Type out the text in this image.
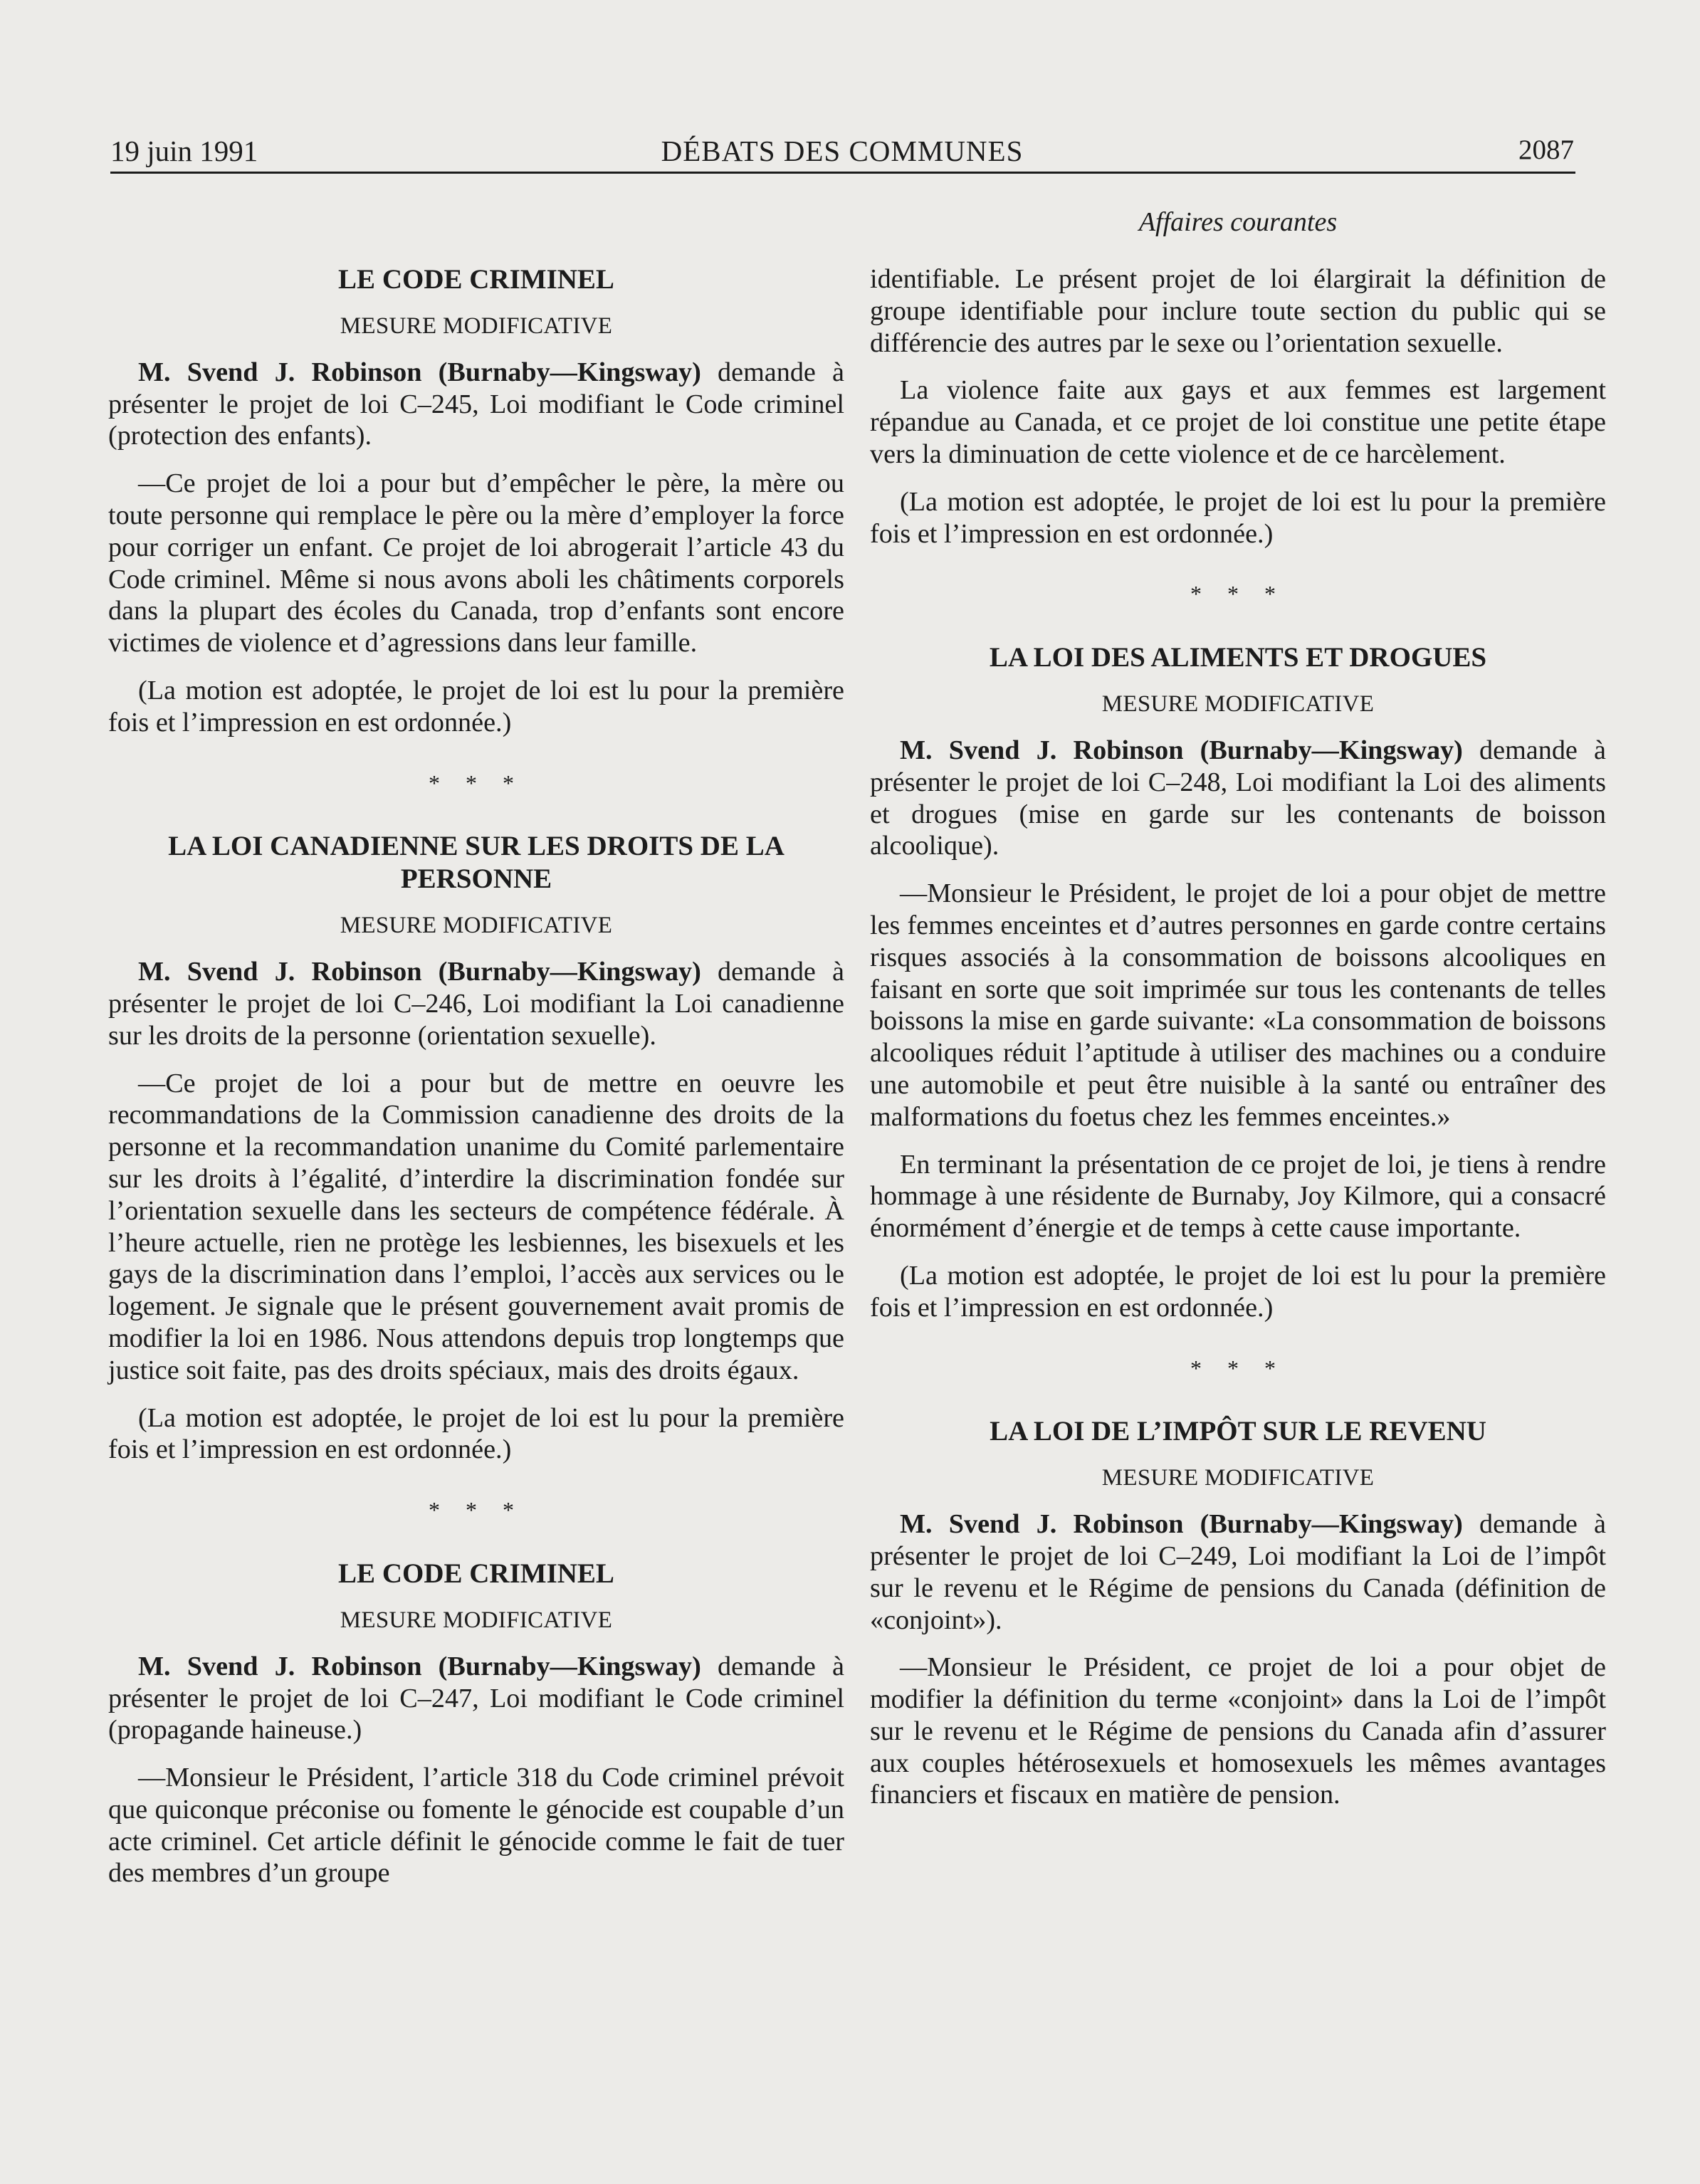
19 juin 1991	DÉBATS DES COMMUNES	2087
LE CODE CRIMINEL
MESURE MODIFICATIVE

M. Svend J. Robinson (Burnaby—Kingsway) demande à présenter le projet de loi C–245, Loi modifiant le Code criminel (protection des enfants).

—Ce projet de loi a pour but d’empêcher le père, la mère ou toute personne qui remplace le père ou la mère d’employer la force pour corriger un enfant. Ce projet de loi abrogerait l’article 43 du Code criminel. Même si nous avons aboli les châtiments corporels dans la plupart des écoles du Canada, trop d’enfants sont encore victimes de violence et d’agressions dans leur famille.

(La motion est adoptée, le projet de loi est lu pour la première fois et l’impression en est ordonnée.)

* * *
LA LOI CANADIENNE SUR LES DROITS DE LA PERSONNE
MESURE MODIFICATIVE

M. Svend J. Robinson (Burnaby—Kingsway) demande à présenter le projet de loi C–246, Loi modifiant la Loi canadienne sur les droits de la personne (orientation sexuelle).

—Ce projet de loi a pour but de mettre en oeuvre les recommandations de la Commission canadienne des droits de la personne et la recommandation unanime du Comité parlementaire sur les droits à l’égalité, d’interdire la discrimination fondée sur l’orientation sexuelle dans les secteurs de compétence fédérale. À l’heure actuelle, rien ne protège les lesbiennes, les bisexuels et les gays de la discrimination dans l’emploi, l’accès aux services ou le logement. Je signale que le présent gouvernement avait promis de modifier la loi en 1986. Nous attendons depuis trop longtemps que justice soit faite, pas des droits spéciaux, mais des droits égaux.

(La motion est adoptée, le projet de loi est lu pour la première fois et l’impression en est ordonnée.)

* * *
LE CODE CRIMINEL
MESURE MODIFICATIVE

M. Svend J. Robinson (Burnaby—Kingsway) demande à présenter le projet de loi C–247, Loi modifiant le Code criminel (propagande haineuse.)

—Monsieur le Président, l’article 318 du Code criminel prévoit que quiconque préconise ou fomente le génocide est coupable d’un acte criminel. Cet article définit le génocide comme le fait de tuer des membres d’un groupe

Affaires courantes

identifiable. Le présent projet de loi élargirait la définition de groupe identifiable pour inclure toute section du public qui se différencie des autres par le sexe ou l’orientation sexuelle.

La violence faite aux gays et aux femmes est largement répandue au Canada, et ce projet de loi constitue une petite étape vers la diminuation de cette violence et de ce harcèlement.

(La motion est adoptée, le projet de loi est lu pour la première fois et l’impression en est ordonnée.)

* * *
LA LOI DES ALIMENTS ET DROGUES
MESURE MODIFICATIVE

M. Svend J. Robinson (Burnaby—Kingsway) demande à présenter le projet de loi C–248, Loi modifiant la Loi des aliments et drogues (mise en garde sur les contenants de boisson alcoolique).

—Monsieur le Président, le projet de loi a pour objet de mettre les femmes enceintes et d’autres personnes en garde contre certains risques associés à la consommation de boissons alcooliques en faisant en sorte que soit imprimée sur tous les contenants de telles boissons la mise en garde suivante: «La consommation de boissons alcooliques réduit l’aptitude à utiliser des machines ou a conduire une automobile et peut être nuisible à la santé ou entraîner des malformations du foetus chez les femmes enceintes.»

En terminant la présentation de ce projet de loi, je tiens à rendre hommage à une résidente de Burnaby, Joy Kilmore, qui a consacré énormément d’énergie et de temps à cette cause importante.

(La motion est adoptée, le projet de loi est lu pour la première fois et l’impression en est ordonnée.)

* * *
LA LOI DE L’IMPÔT SUR LE REVENU
MESURE MODIFICATIVE

M. Svend J. Robinson (Burnaby—Kingsway) demande à présenter le projet de loi C–249, Loi modifiant la Loi de l’impôt sur le revenu et le Régime de pensions du Canada (définition de «conjoint»).

—Monsieur le Président, ce projet de loi a pour objet de modifier la définition du terme «conjoint» dans la Loi de l’impôt sur le revenu et le Régime de pensions du Canada afin d’assurer aux couples hétérosexuels et homosexuels les mêmes avantages financiers et fiscaux en matière de pension.
